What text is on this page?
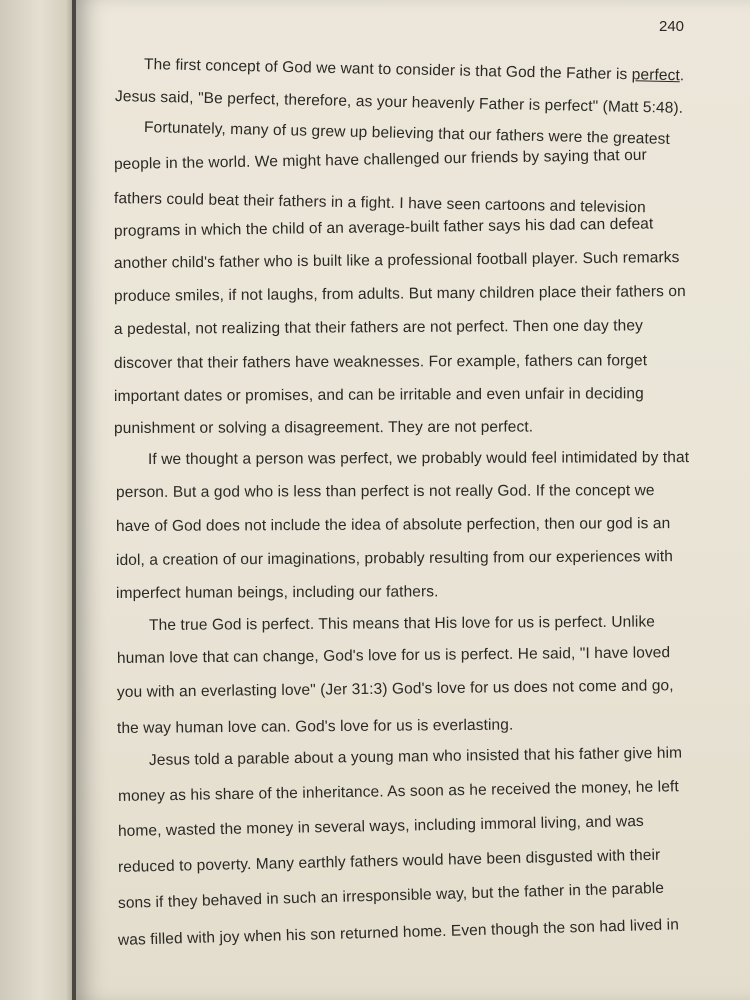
240

The first concept of God we want to consider is that God the Father is perfect.

Jesus said, "Be perfect, therefore, as your heavenly Father is perfect" (Matt 5:48).

Fortunately, many of us grew up believing that our fathers were the greatest

people in the world. We might have challenged our friends by saying that our

fathers could beat their fathers in a fight. I have seen cartoons and television

programs in which the child of an average-built father says his dad can defeat

another child's father who is built like a professional football player. Such remarks

produce smiles, if not laughs, from adults. But many children place their fathers on

a pedestal, not realizing that their fathers are not perfect. Then one day they

discover that their fathers have weaknesses. For example, fathers can forget

important dates or promises, and can be irritable and even unfair in deciding

punishment or solving a disagreement. They are not perfect.

If we thought a person was perfect, we probably would feel intimidated by that

person. But a god who is less than perfect is not really God. If the concept we

have of God does not include the idea of absolute perfection, then our god is an

idol, a creation of our imaginations, probably resulting from our experiences with

imperfect human beings, including our fathers.

The true God is perfect. This means that His love for us is perfect. Unlike

human love that can change, God's love for us is perfect. He said, "I have loved

you with an everlasting love" (Jer 31:3) God's love for us does not come and go,

the way human love can. God's love for us is everlasting.

Jesus told a parable about a young man who insisted that his father give him

money as his share of the inheritance. As soon as he received the money, he left

home, wasted the money in several ways, including immoral living, and was

reduced to poverty. Many earthly fathers would have been disgusted with their

sons if they behaved in such an irresponsible way, but the father in the parable

was filled with joy when his son returned home. Even though the son had lived in
